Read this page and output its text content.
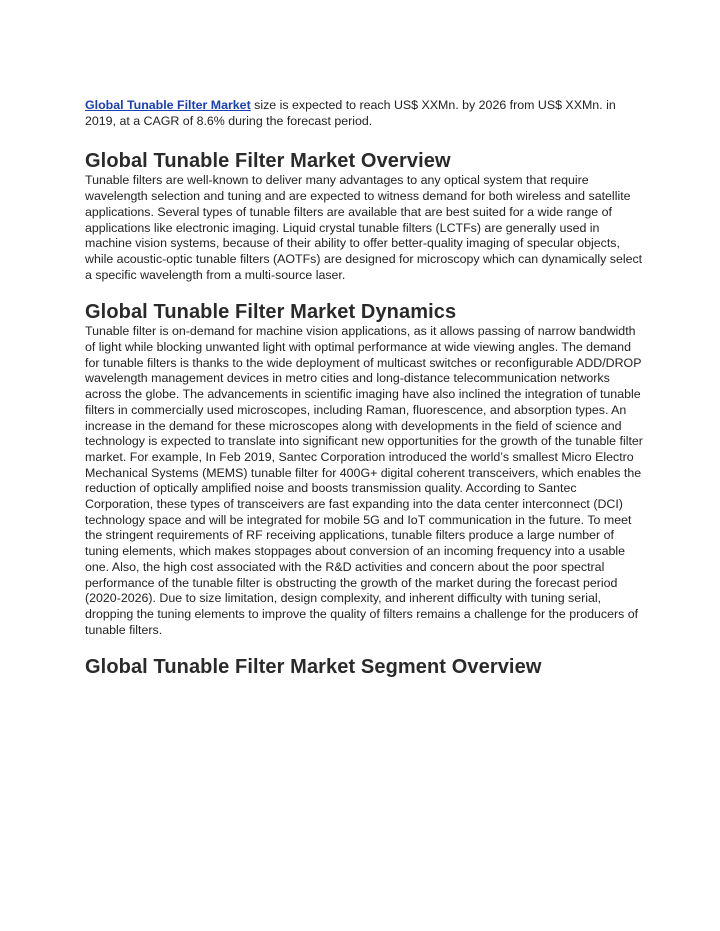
Global Tunable Filter Market size is expected to reach US$ XXMn. by 2026 from US$ XXMn. in 2019, at a CAGR of 8.6% during the forecast period.

Global Tunable Filter Market Overview

Tunable filters are well-known to deliver many advantages to any optical system that require wavelength selection and tuning and are expected to witness demand for both wireless and satellite applications. Several types of tunable filters are available that are best suited for a wide range of applications like electronic imaging. Liquid crystal tunable filters (LCTFs) are generally used in machine vision systems, because of their ability to offer better-quality imaging of specular objects, while acoustic-optic tunable filters (AOTFs) are designed for microscopy which can dynamically select a specific wavelength from a multi-source laser.

Global Tunable Filter Market Dynamics

Tunable filter is on-demand for machine vision applications, as it allows passing of narrow bandwidth of light while blocking unwanted light with optimal performance at wide viewing angles. The demand for tunable filters is thanks to the wide deployment of multicast switches or reconfigurable ADD/DROP wavelength management devices in metro cities and long-distance telecommunication networks across the globe. The advancements in scientific imaging have also inclined the integration of tunable filters in commercially used microscopes, including Raman, fluorescence, and absorption types. An increase in the demand for these microscopes along with developments in the field of science and technology is expected to translate into significant new opportunities for the growth of the tunable filter market. For example, In Feb 2019, Santec Corporation introduced the world’s smallest Micro Electro Mechanical Systems (MEMS) tunable filter for 400G+ digital coherent transceivers, which enables the reduction of optically amplified noise and boosts transmission quality. According to Santec Corporation, these types of transceivers are fast expanding into the data center interconnect (DCI) technology space and will be integrated for mobile 5G and IoT communication in the future. To meet the stringent requirements of RF receiving applications, tunable filters produce a large number of tuning elements, which makes stoppages about conversion of an incoming frequency into a usable one. Also, the high cost associated with the R&D activities and concern about the poor spectral performance of the tunable filter is obstructing the growth of the market during the forecast period (2020-2026). Due to size limitation, design complexity, and inherent difficulty with tuning serial, dropping the tuning elements to improve the quality of filters remains a challenge for the producers of tunable filters.

Global Tunable Filter Market Segment Overview
